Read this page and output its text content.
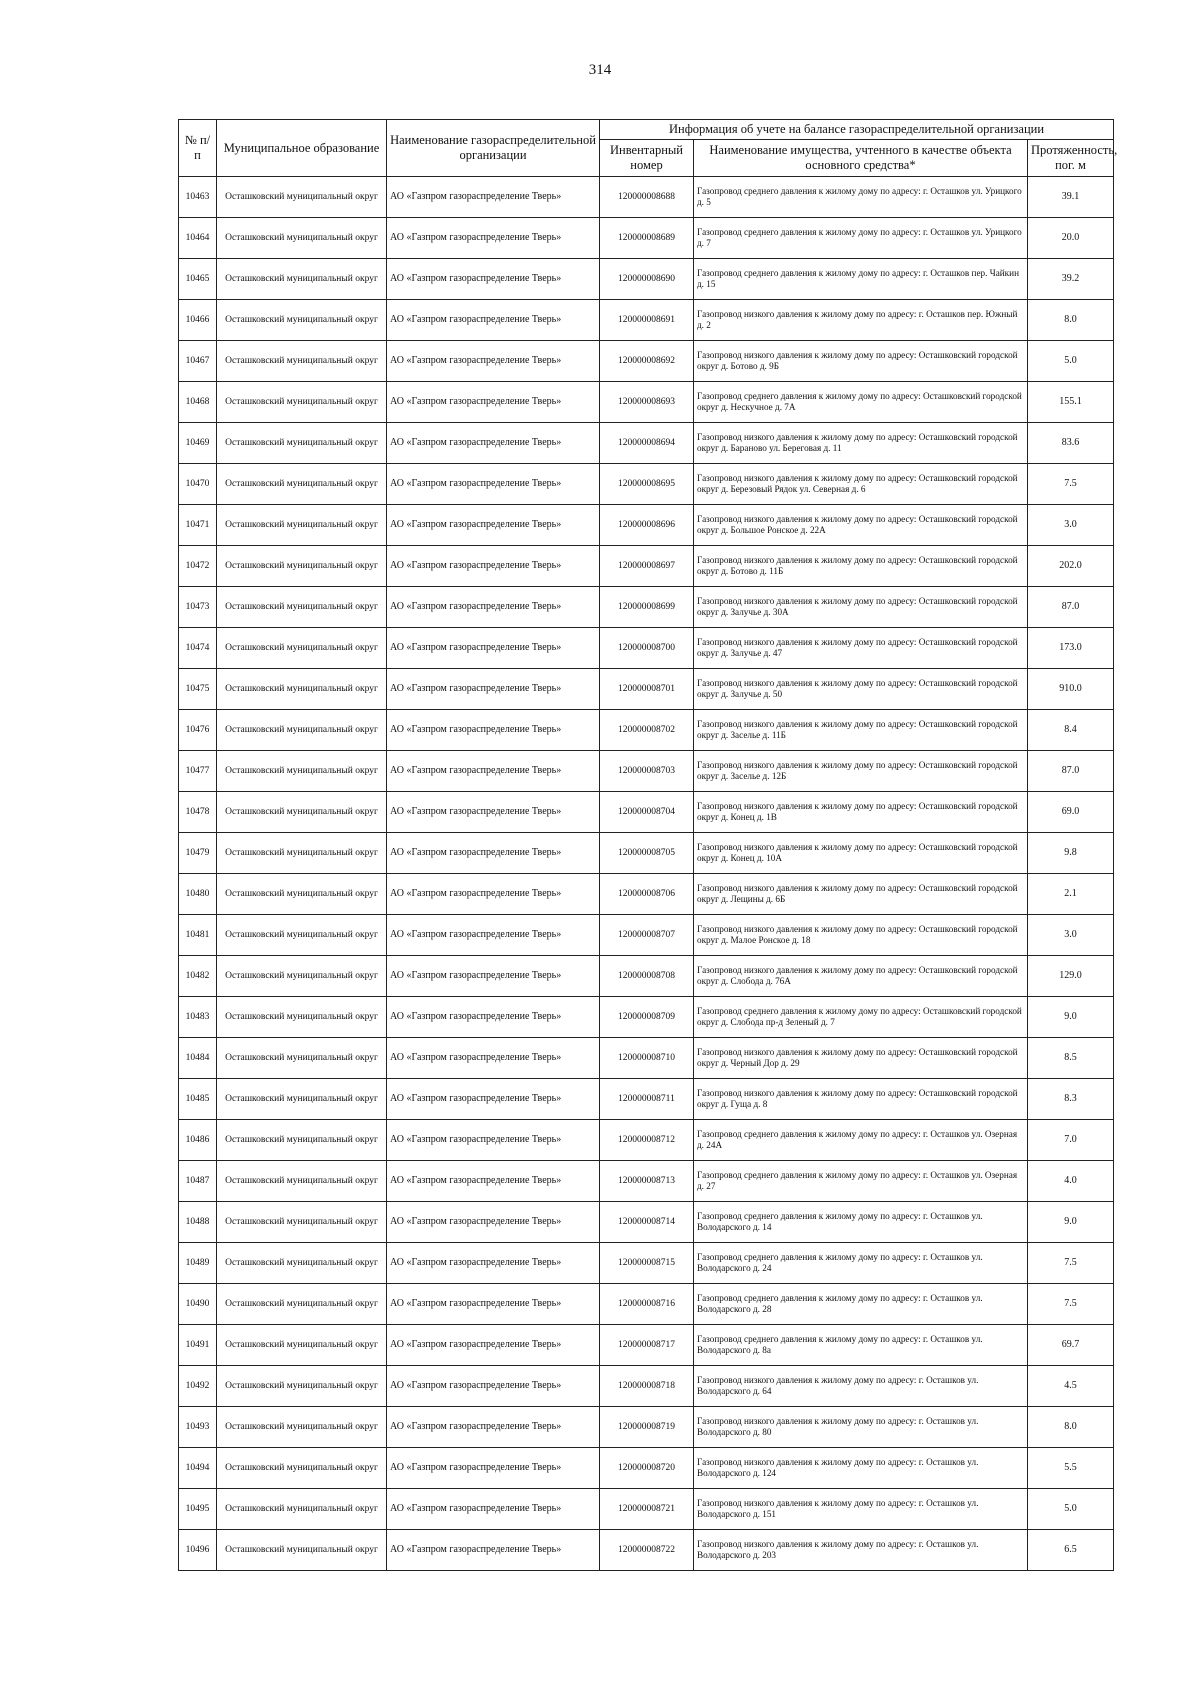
314
№ п/п	Муниципальное образование	Наименование газораспределительной организации	Информация об учете на балансе газораспределительной организации		
			Инвентарный номер	Наименование имущества, учтенного в качестве объекта основного средства*	Протяженность, пог. м
10463	Осташковский муниципальный округ	АО «Газпром газораспределение Тверь»	120000008688	Газопровод среднего давления к жилому дому по адресу: г. Осташков ул. Урицкого д. 5	39.1
10464	Осташковский муниципальный округ	АО «Газпром газораспределение Тверь»	120000008689	Газопровод среднего давления к жилому дому по адресу: г. Осташков ул. Урицкого д. 7	20.0
10465	Осташковский муниципальный округ	АО «Газпром газораспределение Тверь»	120000008690	Газопровод среднего давления к жилому дому по адресу: г. Осташков пер. Чайкин д. 15	39.2
10466	Осташковский муниципальный округ	АО «Газпром газораспределение Тверь»	120000008691	Газопровод низкого давления к жилому дому по адресу: г. Осташков пер. Южный д. 2	8.0
10467	Осташковский муниципальный округ	АО «Газпром газораспределение Тверь»	120000008692	Газопровод низкого давления к жилому дому по адресу: Осташковский городской округ д. Ботово д. 9Б	5.0
10468	Осташковский муниципальный округ	АО «Газпром газораспределение Тверь»	120000008693	Газопровод среднего давления к жилому дому по адресу: Осташковский городской округ д. Нескучное д. 7А	155.1
10469	Осташковский муниципальный округ	АО «Газпром газораспределение Тверь»	120000008694	Газопровод низкого давления к жилому дому по адресу: Осташковский городской округ д. Бараново ул. Береговая д. 11	83.6
10470	Осташковский муниципальный округ	АО «Газпром газораспределение Тверь»	120000008695	Газопровод низкого давления к жилому дому по адресу: Осташковский городской округ д. Березовый Рядок ул. Северная д. 6	7.5
10471	Осташковский муниципальный округ	АО «Газпром газораспределение Тверь»	120000008696	Газопровод низкого давления к жилому дому по адресу: Осташковский городской округ д. Большое Ронское д. 22А	3.0
10472	Осташковский муниципальный округ	АО «Газпром газораспределение Тверь»	120000008697	Газопровод низкого давления к жилому дому по адресу: Осташковский городской округ д. Ботово д. 11Б	202.0
10473	Осташковский муниципальный округ	АО «Газпром газораспределение Тверь»	120000008699	Газопровод низкого давления к жилому дому по адресу: Осташковский городской округ д. Залучье д. 30А	87.0
10474	Осташковский муниципальный округ	АО «Газпром газораспределение Тверь»	120000008700	Газопровод низкого давления к жилому дому по адресу: Осташковский городской округ д. Залучье д. 47	173.0
10475	Осташковский муниципальный округ	АО «Газпром газораспределение Тверь»	120000008701	Газопровод низкого давления к жилому дому по адресу: Осташковский городской округ д. Залучье д. 50	910.0
10476	Осташковский муниципальный округ	АО «Газпром газораспределение Тверь»	120000008702	Газопровод низкого давления к жилому дому по адресу: Осташковский городской округ д. Заселье д. 11Б	8.4
10477	Осташковский муниципальный округ	АО «Газпром газораспределение Тверь»	120000008703	Газопровод низкого давления к жилому дому по адресу: Осташковский городской округ д. Заселье д. 12Б	87.0
10478	Осташковский муниципальный округ	АО «Газпром газораспределение Тверь»	120000008704	Газопровод низкого давления к жилому дому по адресу: Осташковский городской округ д. Конец д. 1В	69.0
10479	Осташковский муниципальный округ	АО «Газпром газораспределение Тверь»	120000008705	Газопровод низкого давления к жилому дому по адресу: Осташковский городской округ д. Конец д. 10А	9.8
10480	Осташковский муниципальный округ	АО «Газпром газораспределение Тверь»	120000008706	Газопровод низкого давления к жилому дому по адресу: Осташковский городской округ д. Лещины д. 6Б	2.1
10481	Осташковский муниципальный округ	АО «Газпром газораспределение Тверь»	120000008707	Газопровод низкого давления к жилому дому по адресу: Осташковский городской округ д. Малое Ронское д. 18	3.0
10482	Осташковский муниципальный округ	АО «Газпром газораспределение Тверь»	120000008708	Газопровод низкого давления к жилому дому по адресу: Осташковский городской округ д. Слобода д. 76А	129.0
10483	Осташковский муниципальный округ	АО «Газпром газораспределение Тверь»	120000008709	Газопровод среднего давления к жилому дому по адресу: Осташковский городской округ д. Слобода пр-д Зеленый д. 7	9.0
10484	Осташковский муниципальный округ	АО «Газпром газораспределение Тверь»	120000008710	Газопровод низкого давления к жилому дому по адресу: Осташковский городской округ д. Черный Дор д. 29	8.5
10485	Осташковский муниципальный округ	АО «Газпром газораспределение Тверь»	120000008711	Газопровод низкого давления к жилому дому по адресу: Осташковский городской округ д. Гуща д. 8	8.3
10486	Осташковский муниципальный округ	АО «Газпром газораспределение Тверь»	120000008712	Газопровод среднего давления к жилому дому по адресу: г. Осташков ул. Озерная д. 24А	7.0
10487	Осташковский муниципальный округ	АО «Газпром газораспределение Тверь»	120000008713	Газопровод среднего давления к жилому дому по адресу: г. Осташков ул. Озерная д. 27	4.0
10488	Осташковский муниципальный округ	АО «Газпром газораспределение Тверь»	120000008714	Газопровод среднего давления к жилому дому по адресу: г. Осташков ул. Володарского д. 14	9.0
10489	Осташковский муниципальный округ	АО «Газпром газораспределение Тверь»	120000008715	Газопровод среднего давления к жилому дому по адресу: г. Осташков ул. Володарского д. 24	7.5
10490	Осташковский муниципальный округ	АО «Газпром газораспределение Тверь»	120000008716	Газопровод среднего давления к жилому дому по адресу: г. Осташков ул. Володарского д. 28	7.5
10491	Осташковский муниципальный округ	АО «Газпром газораспределение Тверь»	120000008717	Газопровод среднего давления к жилому дому по адресу: г. Осташков ул. Володарского д. 8а	69.7
10492	Осташковский муниципальный округ	АО «Газпром газораспределение Тверь»	120000008718	Газопровод низкого давления к жилому дому по адресу: г. Осташков ул. Володарского д. 64	4.5
10493	Осташковский муниципальный округ	АО «Газпром газораспределение Тверь»	120000008719	Газопровод низкого давления к жилому дому по адресу: г. Осташков ул. Володарского д. 80	8.0
10494	Осташковский муниципальный округ	АО «Газпром газораспределение Тверь»	120000008720	Газопровод низкого давления к жилому дому по адресу: г. Осташков ул. Володарского д. 124	5.5
10495	Осташковский муниципальный округ	АО «Газпром газораспределение Тверь»	120000008721	Газопровод низкого давления к жилому дому по адресу: г. Осташков ул. Володарского д. 151	5.0
10496	Осташковский муниципальный округ	АО «Газпром газораспределение Тверь»	120000008722	Газопровод низкого давления к жилому дому по адресу: г. Осташков ул. Володарского д. 203	6.5
